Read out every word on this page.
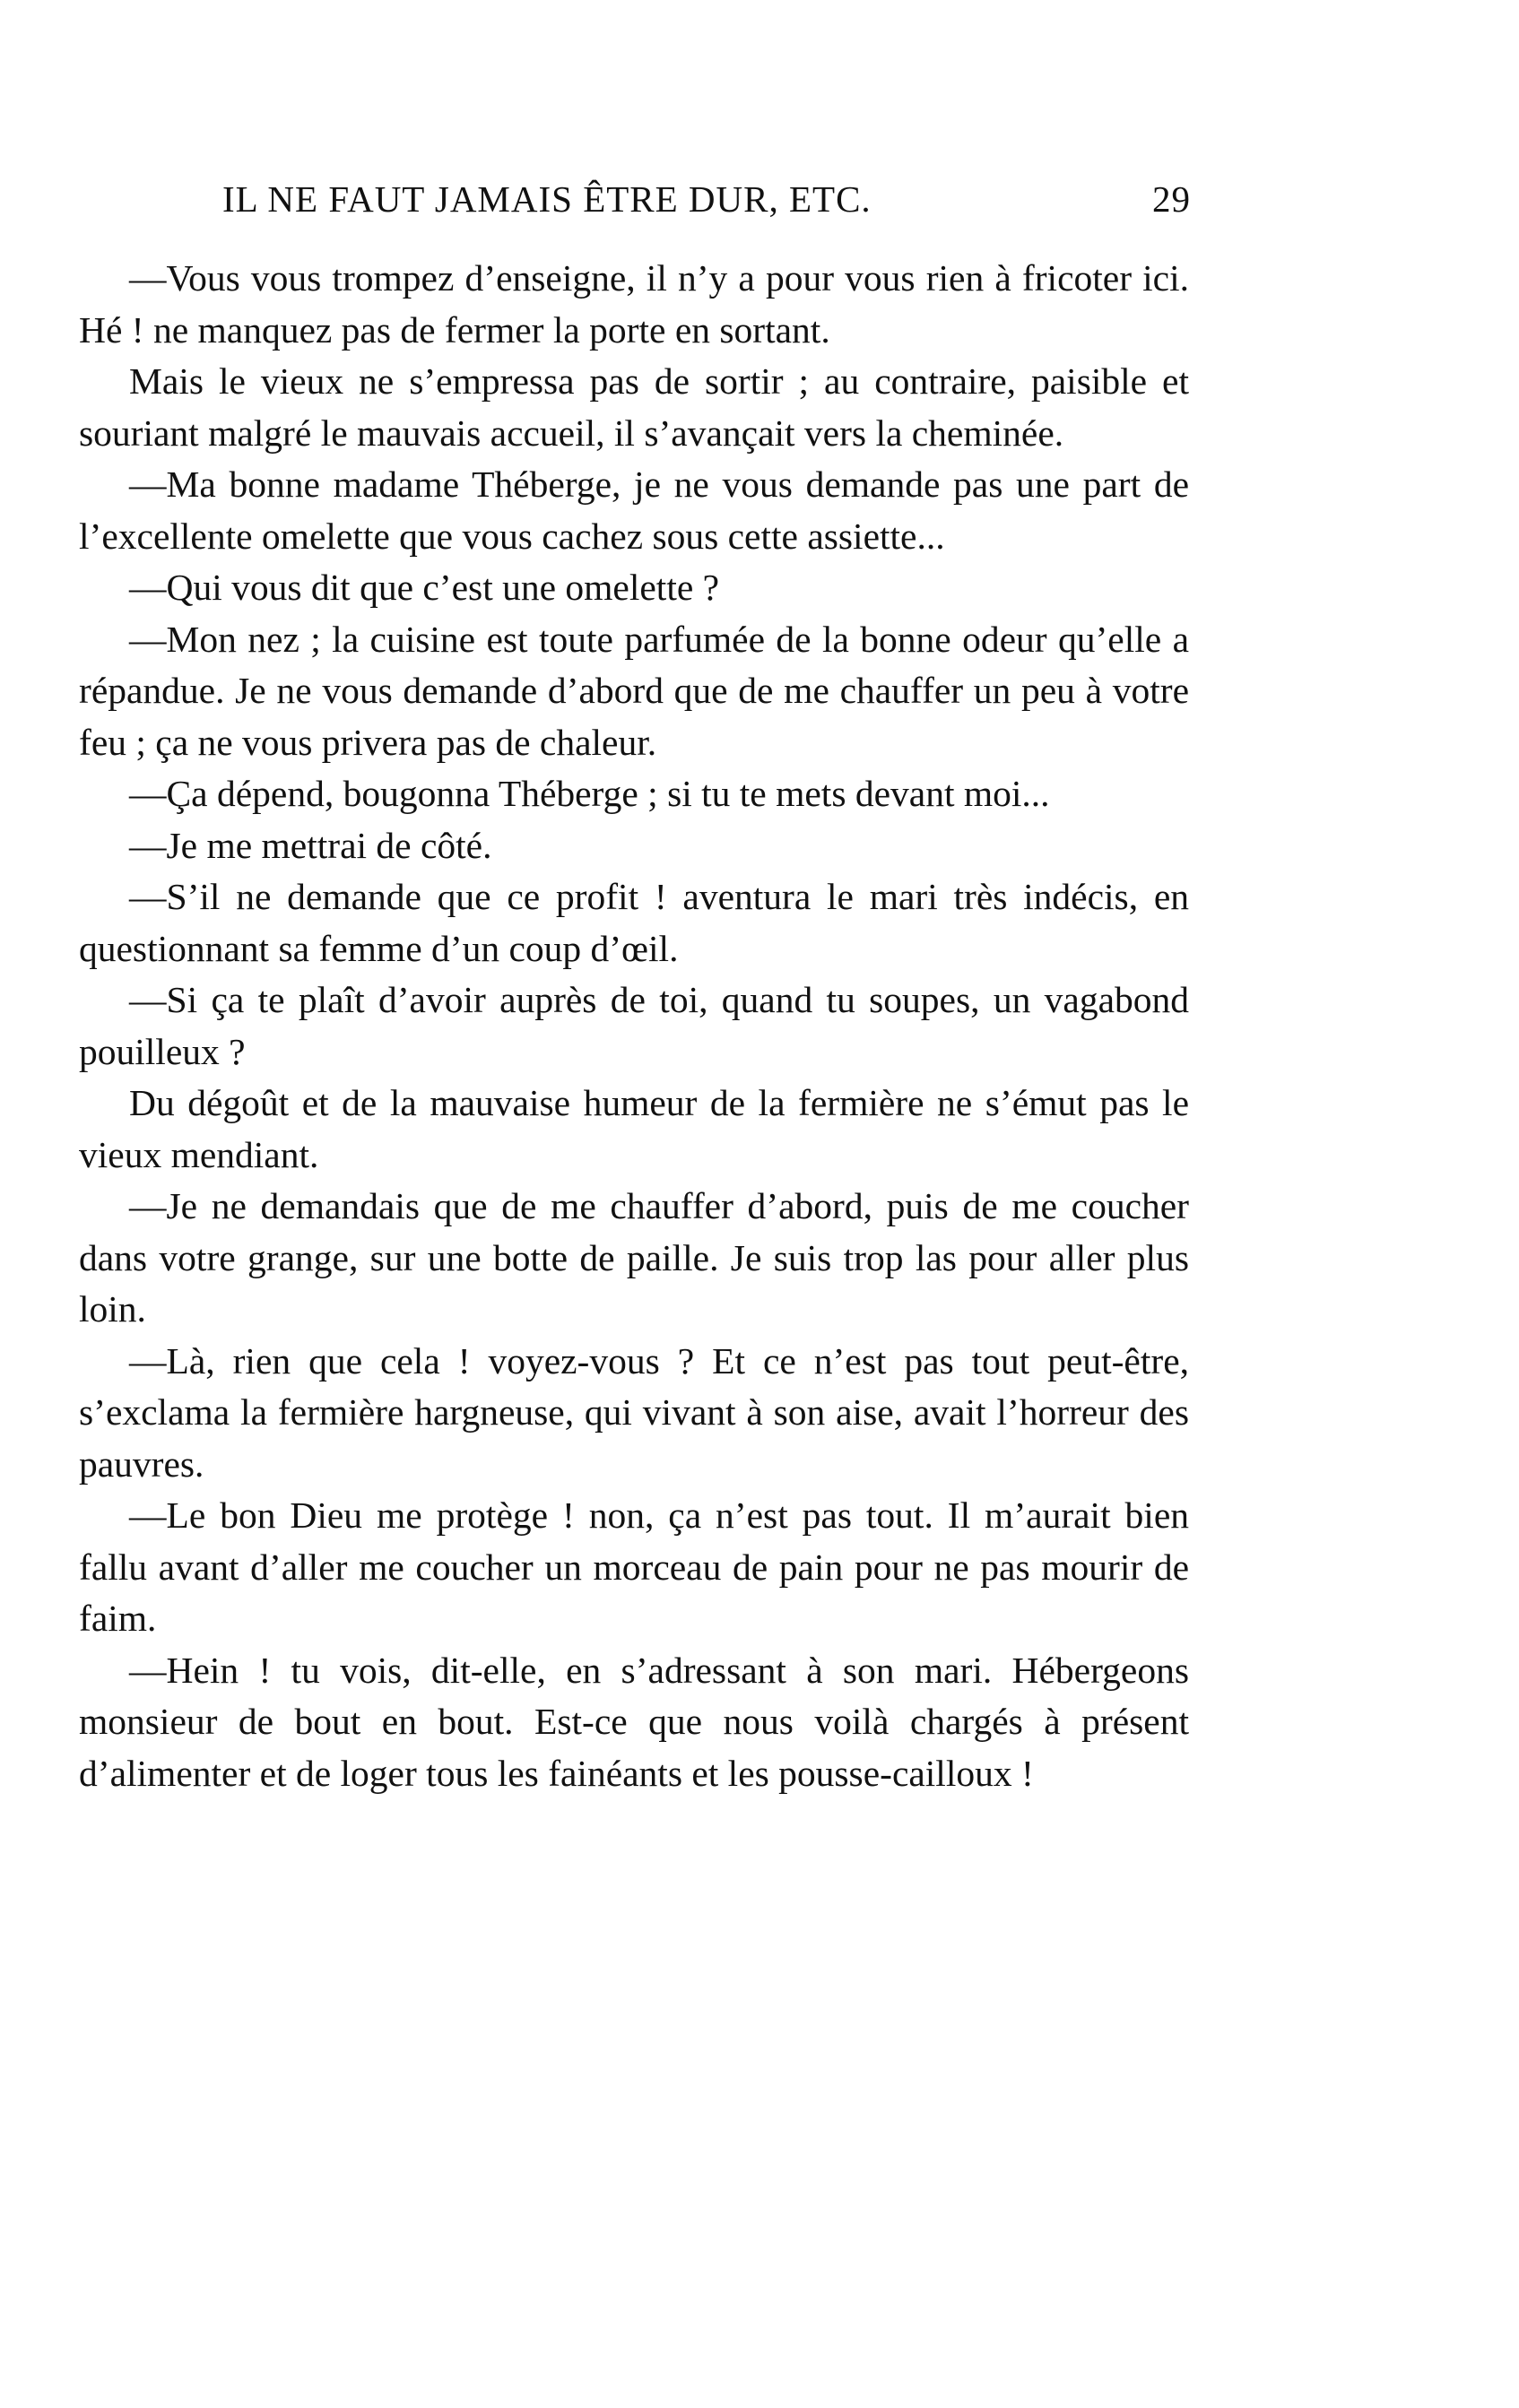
IL NE FAUT JAMAIS ÊTRE DUR, ETC.	29

—Vous vous trompez d’enseigne, il n’y a pour vous rien à fricoter ici. Hé ! ne manquez pas de fermer la porte en sortant.

Mais le vieux ne s’empressa pas de sortir ; au contraire, paisible et souriant malgré le mauvais accueil, il s’avançait vers la cheminée.

—Ma bonne madame Théberge, je ne vous demande pas une part de l’excellente omelette que vous cachez sous cette assiette...

—Qui vous dit que c’est une omelette ?

—Mon nez ; la cuisine est toute parfumée de la bonne odeur qu’elle a répandue. Je ne vous demande d’abord que de me chauffer un peu à votre feu ; ça ne vous privera pas de chaleur.

—Ça dépend, bougonna Théberge ; si tu te mets devant moi...

—Je me mettrai de côté.

—S’il ne demande que ce profit ! aventura le mari très indécis, en questionnant sa femme d’un coup d’œil.

—Si ça te plaît d’avoir auprès de toi, quand tu soupes, un vagabond pouilleux ?

Du dégoût et de la mauvaise humeur de la fermière ne s’émut pas le vieux mendiant.

—Je ne demandais que de me chauffer d’abord, puis de me coucher dans votre grange, sur une botte de paille. Je suis trop las pour aller plus loin.

—Là, rien que cela ! voyez-vous ? Et ce n’est pas tout peut-être, s’exclama la fermière hargneuse, qui vivant à son aise, avait l’horreur des pauvres.

—Le bon Dieu me protège ! non, ça n’est pas tout. Il m’aurait bien fallu avant d’aller me coucher un morceau de pain pour ne pas mourir de faim.

—Hein ! tu vois, dit-elle, en s’adressant à son mari. Hébergeons monsieur de bout en bout. Est-ce que nous voilà chargés à présent d’alimenter et de loger tous les fainéants et les pousse-cailloux !
